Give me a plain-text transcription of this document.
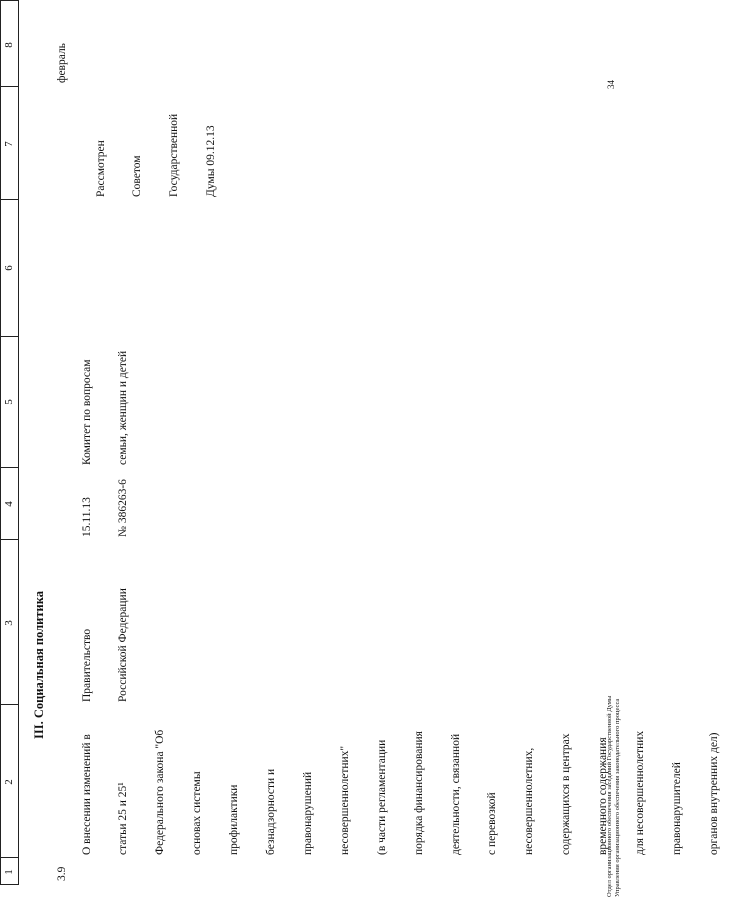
1
2
3
4
5
6
7
8
III. Социальная политика
3.9

О внесении изменений в

статьи 25 и 25¹

Федерального закона "Об

основах системы

профилактики

безнадзорности и

правонарушений

несовершеннолетних"

(в части регламентации

порядка финансирования

деятельности, связанной

с перевозкой

несовершеннолетних,

содержащихся в центрах

временного содержания

для несовершеннолетних

правонарушителей

органов внутренних дел)

Правительство

Российской Федерации

15.11.13

№ 386263-6

Комитет по вопросам

семьи, женщин и детей

Рассмотрен

Советом

Государственной

Думы 09.12.13

февраль
Отдел организационного обеспечения заседаний Государственной Думы Управления организационного обеспечения законодательного процесса
34
